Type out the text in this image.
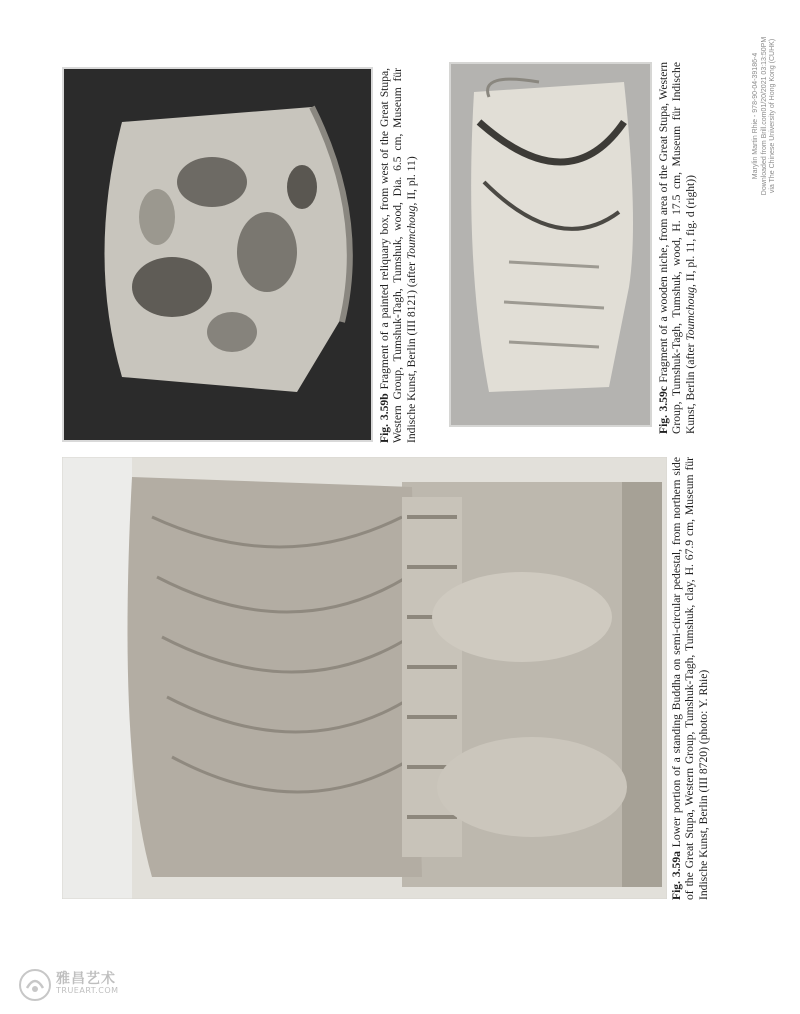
Fig. 3.59a Lower portion of a standing Buddha on semi-circular pedestal, from northern side of the Great Stupa, Western Group, Tumshuk-Tagh, Tumshuk, clay, H. 67.9 cm, Museum für Indische Kunst, Berlin (III 8720) (photo: Y. Rhie)
Fig. 3.59b Fragment of a painted reliquary box, from west of the Great Stupa, Western Group, Tumshuk-Tagh, Tumshuk, wood, Dia. 6.5 cm, Museum für Indische Kunst, Berlin (III 8121) (after Toumchoug, II, pl. 11)
Fig. 3.59c Fragment of a wooden niche, from area of the Great Stupa, Western Group, Tumshuk-Tagh, Tumshuk, wood, H. 17.5 cm, Museum für Indische Kunst, Berlin (after Toumchoug, II, pl. 11, fig. d (right))
Marylin Martin Rhie - 978-90-04-39186-4 Downloaded from Brill.com01/20/2021 03:13:50PM via The Chinese University of Hong Kong (CUHK)
雅昌艺术
TRUEART.COM
